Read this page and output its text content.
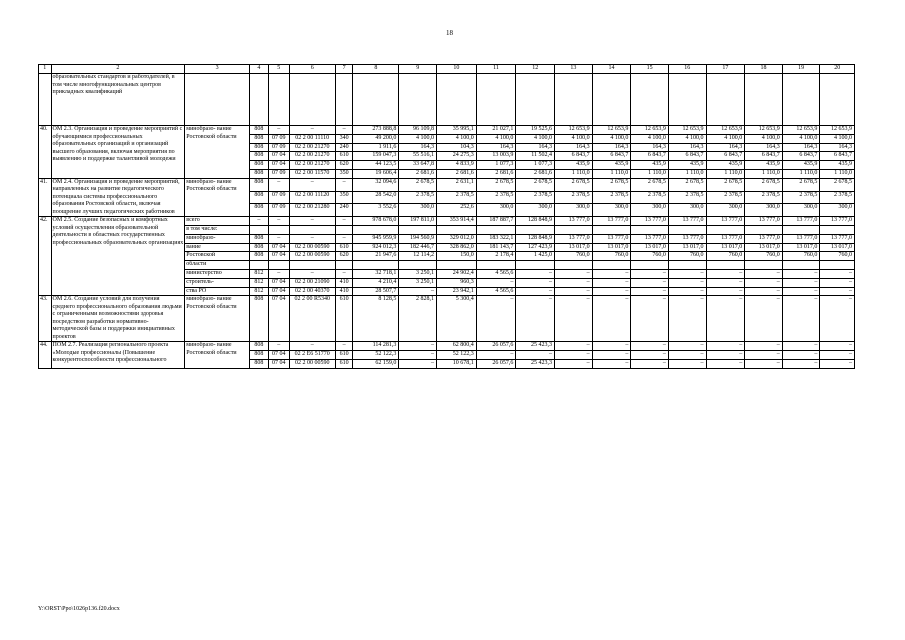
18
1	2	3	4	5	6	7	8	9	10	11	12	13	14	15	16	17	18	19	20
	образовательных стандартов и работодателей, в том числе многофункциональных центров прикладных квалификаций																		
40.	ОМ 2.3. Организация и проведение мероприятий с обучающимися профессиональных образовательных организаций и организаций высшего образования, включая мероприятия по выявлению и поддержке талантливой молодежи	минобразо- вание Ростовской области	808	–	–	–	273 888,8	96 109,8	35 995,1	21 027,1	19 525,6	12 653,9	12 653,9	12 653,9	12 653,9	12 653,9	12 653,9	12 653,9	12 653,9
			808	07 09	02 2 00 11110	340	49 200,0	4 100,0	4 100,0	4 100,0	4 100,0	4 100,0	4 100,0	4 100,0	4 100,0	4 100,0	4 100,0	4 100,0	4 100,0
			808	07 09	02 2 00 21270	240	1 911,6	164,3	104,3	164,3	164,3	164,3	164,3	164,3	164,3	164,3	164,3	164,3	164,3
			808	07 04	02 2 00 21270	610	159 047,3	55 516,1	24 275,3	13 003,9	11 502,4	6 843,7	6 843,7	6 843,7	6 843,7	6 843,7	6 843,7	6 843,7	6 843,7
			808	07 04	02 2 00 21270	620	44 123,5	33 647,8	4 833,9	1 077,3	1 077,3	435,9	435,9	435,9	435,9	435,9	435,9	435,9	435,9
			808	07 09	02 2 00 11570	350	19 606,4	2 681,6	2 681,6	2 681,6	2 681,6	1 110,0	1 110,0	1 110,0	1 110,0	1 110,0	1 110,0	1 110,0	1 110,0
41.	ОМ 2.4. Организация и проведение мероприятий, направленных на развитие педагогического потенциала системы профессионального образования Ростовской области, включая поощрение лучших педагогических работников	минобразо- вание Ростовской области	808	–	–	–	32 094,6	2 678,5	2 631,1	2 678,5	2 678,5	2 678,5	2 678,5	2 678,5	2 678,5	2 678,5	2 678,5	2 678,5	2 678,5
			808	07 09	02 2 00 11120	350	28 542,0	2 378,5	2 378,5	2 378,5	2 378,5	2 378,5	2 378,5	2 378,5	2 378,5	2 378,5	2 378,5	2 378,5	2 378,5
			808	07 09	02 2 00 21280	240	3 552,6	300,0	252,6	300,0	300,0	300,0	300,0	300,0	300,0	300,0	300,0	300,0	300,0
42.	ОМ 2.5. Создание безопасных и комфортных условий осуществления образовательной деятельности в областных государственных профессиональных образовательных организациях	всего	–	–	–	–	978 678,0	197 811,0	353 914,4	187 887,7	128 848,9	13 777,0	13 777,0	13 777,0	13 777,0	13 777,0	13 777,0	13 777,0	13 777,0
		в том числе:																	
		минобразо-	808	–	–	–	945 959,9	194 560,9	329 012,0	183 322,1	128 848,9	13 777,0	13 777,0	13 777,0	13 777,0	13 777,0	13 777,0	13 777,0	13 777,0
		вание	808	07 04	02 2 00 00590	610	924 012,3	182 446,7	328 862,0	181 143,7	127 423,9	13 017,0	13 017,0	13 017,0	13 017,0	13 017,0	13 017,0	13 017,0	13 017,0
		Ростовской	808	07 04	02 2 00 00590	620	21 947,6	12 114,2	150,0	2 178,4	1 425,0	760,0	760,0	760,0	760,0	760,0	760,0	760,0	760,0
		области																	
		министерство	812	–	–	–	32 718,1	3 250,1	24 902,4	4 565,6	–	–	–	–	–	–	–	–	–
		строитель-	812	07 04	02 2 00 21090	410	4 210,4	3 250,1	960,3	–	–	–	–	–	–	–	–	–	–
		ства РО	812	07 04	02 2 00 40370	410	28 507,7	–	23 942,1	4 565,6	–	–	–	–	–	–	–	–	–
43.	ОМ 2.6. Создание условий для получения среднего профессионального образования людьми с ограниченными возможностями здоровья посредством разработки нормативно-методической базы и поддержки инициативных проектов	минобразо- вание Ростовской области	808	07 04	02 2 00 R5340	610	8 128,5	2 828,1	5 300,4	–	–	–	–	–	–	–	–	–	–
44.	ПОМ 2.7. Реализация регионального проекта «Молодые профессионалы (Повышение конкурентоспособности профессионального	минобразо- вание Ростовской области	808	–	–	–	114 281,3	–	62 800,4	26 057,6	25 423,3	–	–	–	–	–	–	–	–
			808	07 04	02 2 E6 51770	610	52 122,3	–	52 122,3	–	–	–	–	–	–	–	–	–	–
			808	07 04	02 2 00 00590	610	62 159,0	–	10 678,1	26 057,6	25 423,3	–	–	–	–	–	–	–	–
Y:\ORST\Ppo\1026p136.f20.docx
